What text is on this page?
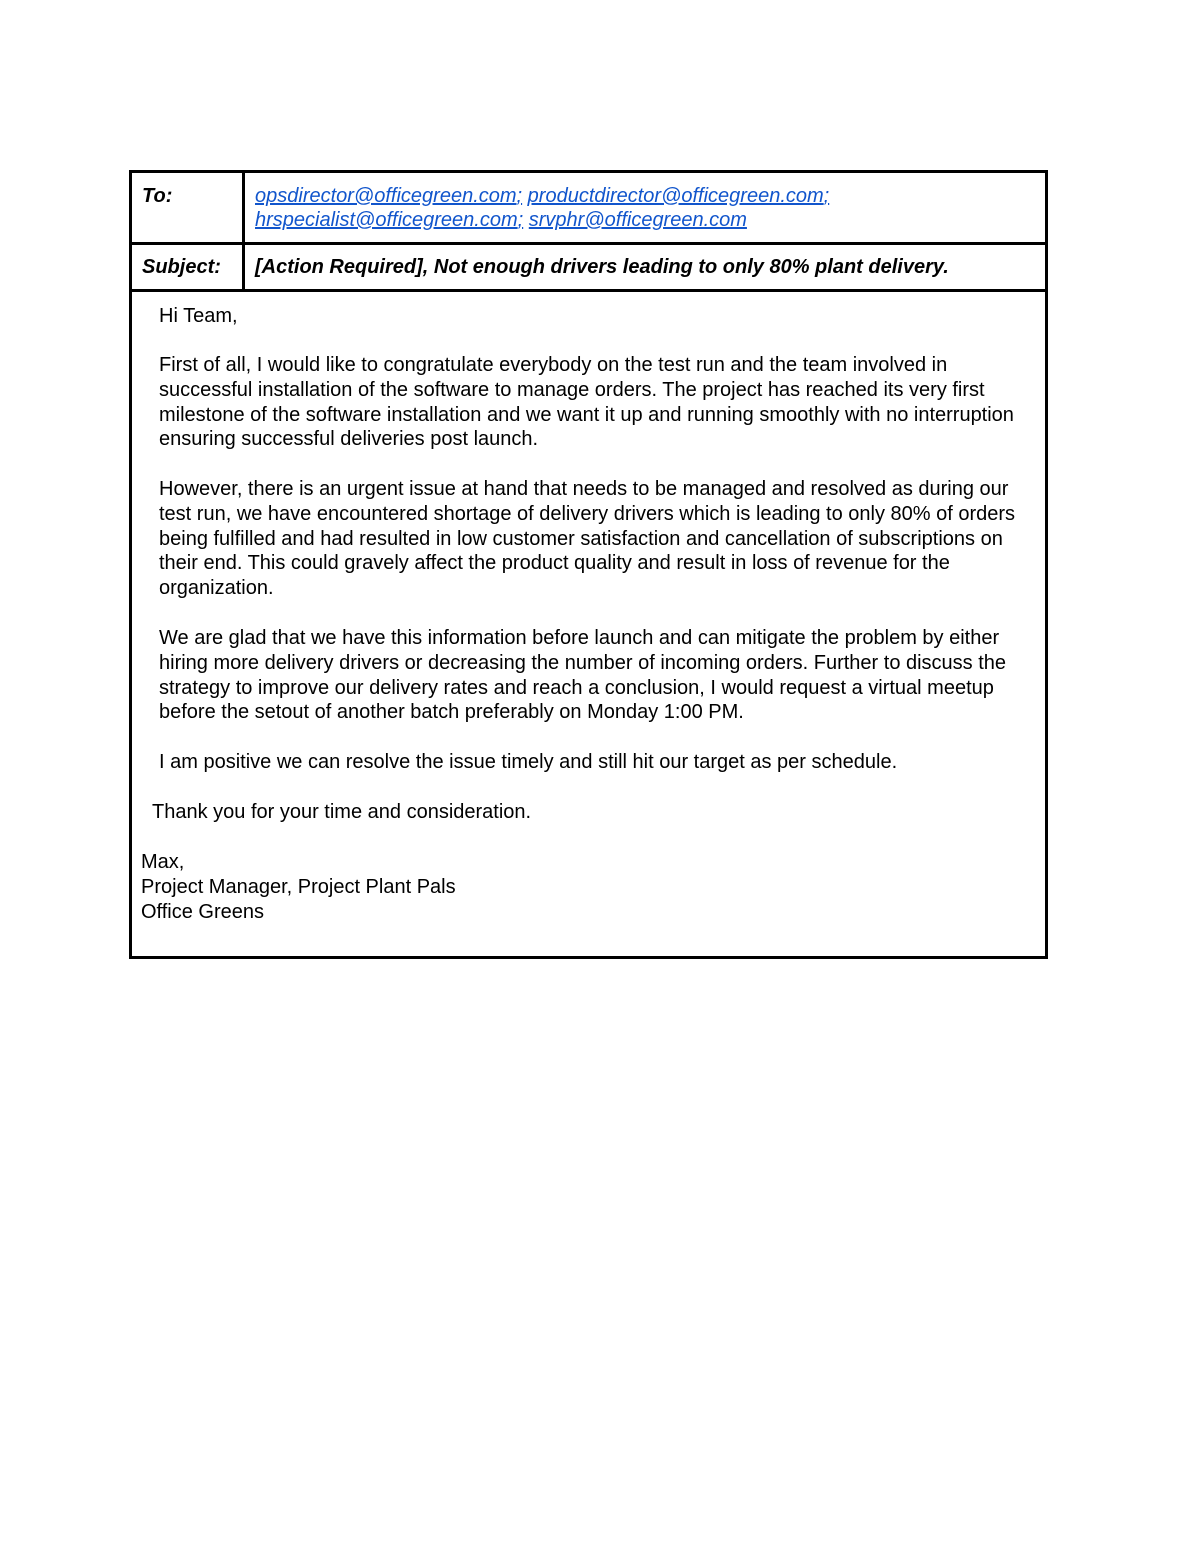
To:	opsdirector@officegreen.com; productdirector@officegreen.com;
hrspecialist@officegreen.com; srvphr@officegreen.com
Subject:	[Action Required], Not enough drivers leading to only 80% plant delivery.

Hi Team,

First of all, I would like to congratulate everybody on the test run and the team involved in successful installation of the software to manage orders. The project has reached its very first milestone of the software installation and we want it up and running smoothly with no interruption ensuring successful deliveries post launch.

However, there is an urgent issue at hand that needs to be managed and resolved as during our test run, we have encountered shortage of delivery drivers which is leading to only 80% of orders being fulfilled and had resulted in low customer satisfaction and cancellation of subscriptions on their end. This could gravely affect the product quality and result in loss of revenue for the organization.

We are glad that we have this information before launch and can mitigate the problem by either hiring more delivery drivers or decreasing the number of incoming orders. Further to discuss the strategy to improve our delivery rates and reach a conclusion, I would request a virtual meetup before the setout of another batch preferably on Monday 1:00 PM.

I am positive we can resolve the issue timely and still hit our target as per schedule.

Thank you for your time and consideration.

Max,
Project Manager, Project Plant Pals
Office Greens
